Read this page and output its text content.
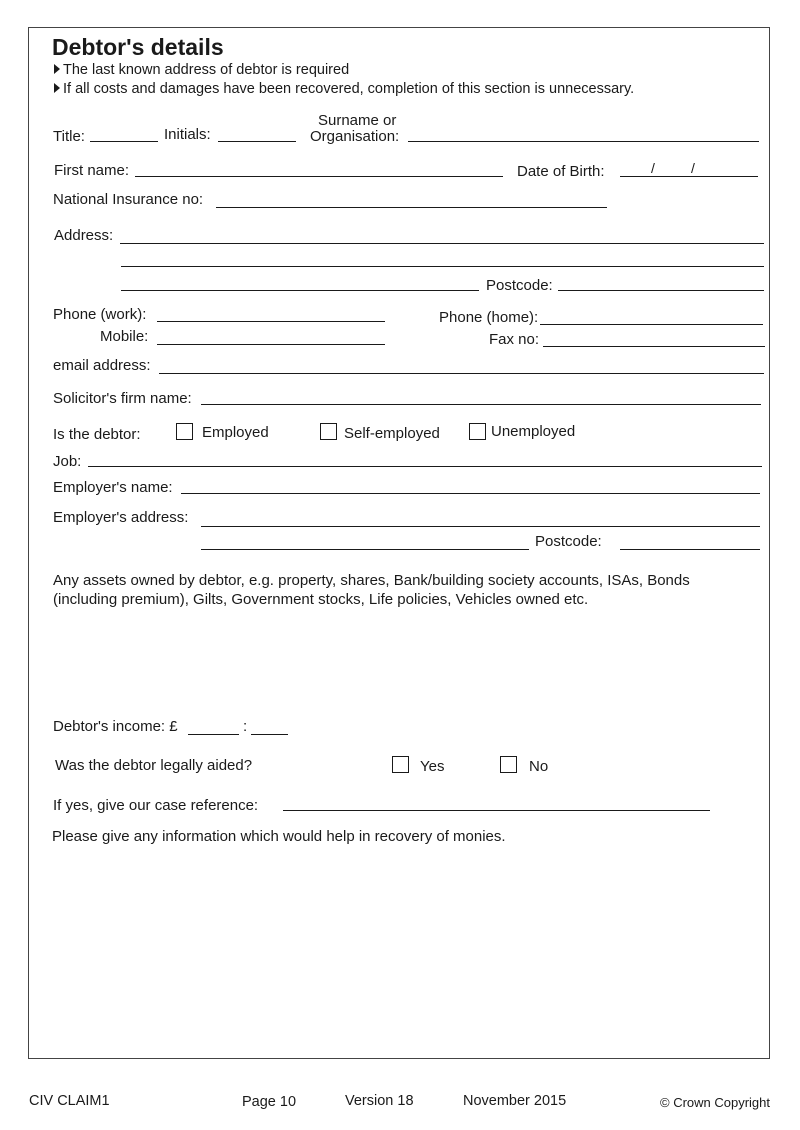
Debtor's details
The last known address of debtor is required
If all costs and damages have been recovered, completion of this section is unnecessary.
Title:	Initials:
Surname or
Organisation:
First name:	Date of Birth:	/	/
National Insurance no:
Address:
Postcode:
Phone (work):
Mobile:
Phone (home):
Fax no:
email address:
Solicitor's firm name:
Is the debtor:	Employed	Self-employed	Unemployed
Job:
Employer's name:
Employer's address:
Postcode:
Any assets owned by debtor, e.g. property, shares, Bank/building society accounts, ISAs, Bonds
(including premium), Gilts, Government stocks, Life policies, Vehicles owned etc.
Debtor's income: £	:
Was the debtor legally aided?	Yes	No
If yes, give our case reference:
Please give any information which would help in recovery of monies.
CIV CLAIM1	Page 10	Version 18	November 2015	© Crown Copyright
